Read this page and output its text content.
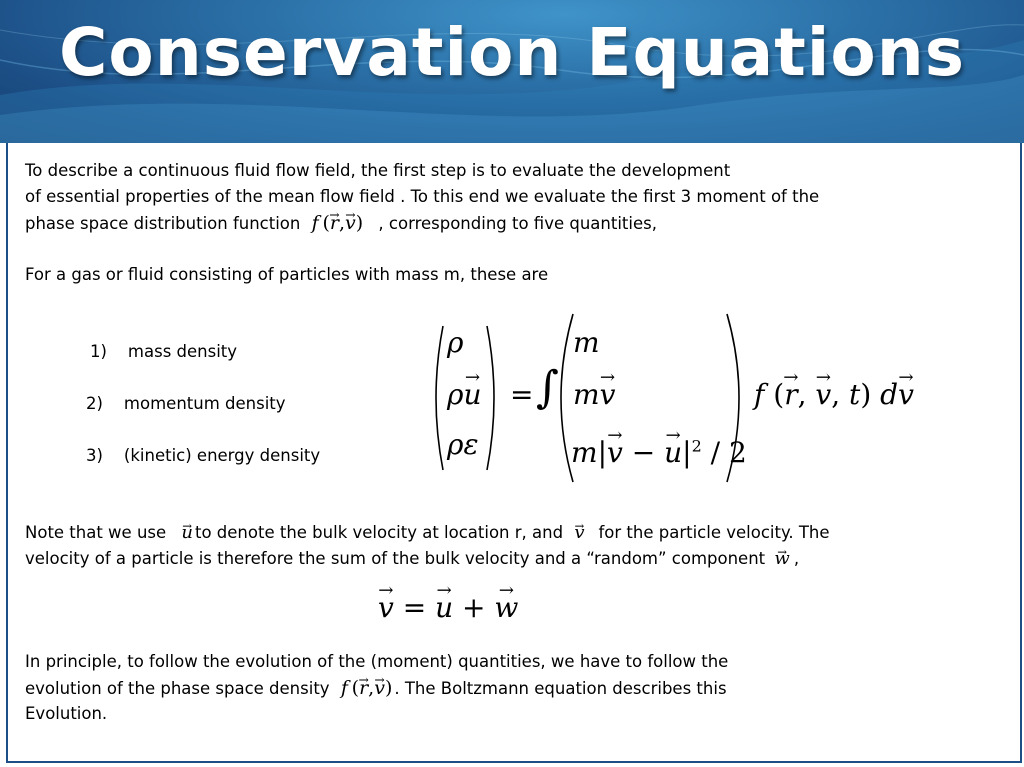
Conservation Equations
To describe a continuous fluid flow field, the first step is to evaluate the development
of essential properties of the mean flow field . To this end we evaluate the first 3 moment of the
phase space distribution function f (→ r,→ v) , corresponding to five quantities,
For a gas or fluid consisting of particles with mass m, these are
1) mass density
2) momentum density
3) (kinetic) energy density
ρ
ρ→ u
ρε
= ∫
m
m→ v
m|→ v − → $u|^2 / 2$
f (→ r, → v, t) d→ v
Note that we use → u to denote the bulk velocity at location r, and → v for the particle velocity. The
velocity of a particle is therefore the sum of the bulk velocity and a “random” component → w ,
→ v = → u + → w
In principle, to follow the evolution of the (moment) quantities, we have to follow the
evolution of the phase space density f (→ r,→ v) . The Boltzmann equation describes this
Evolution.
